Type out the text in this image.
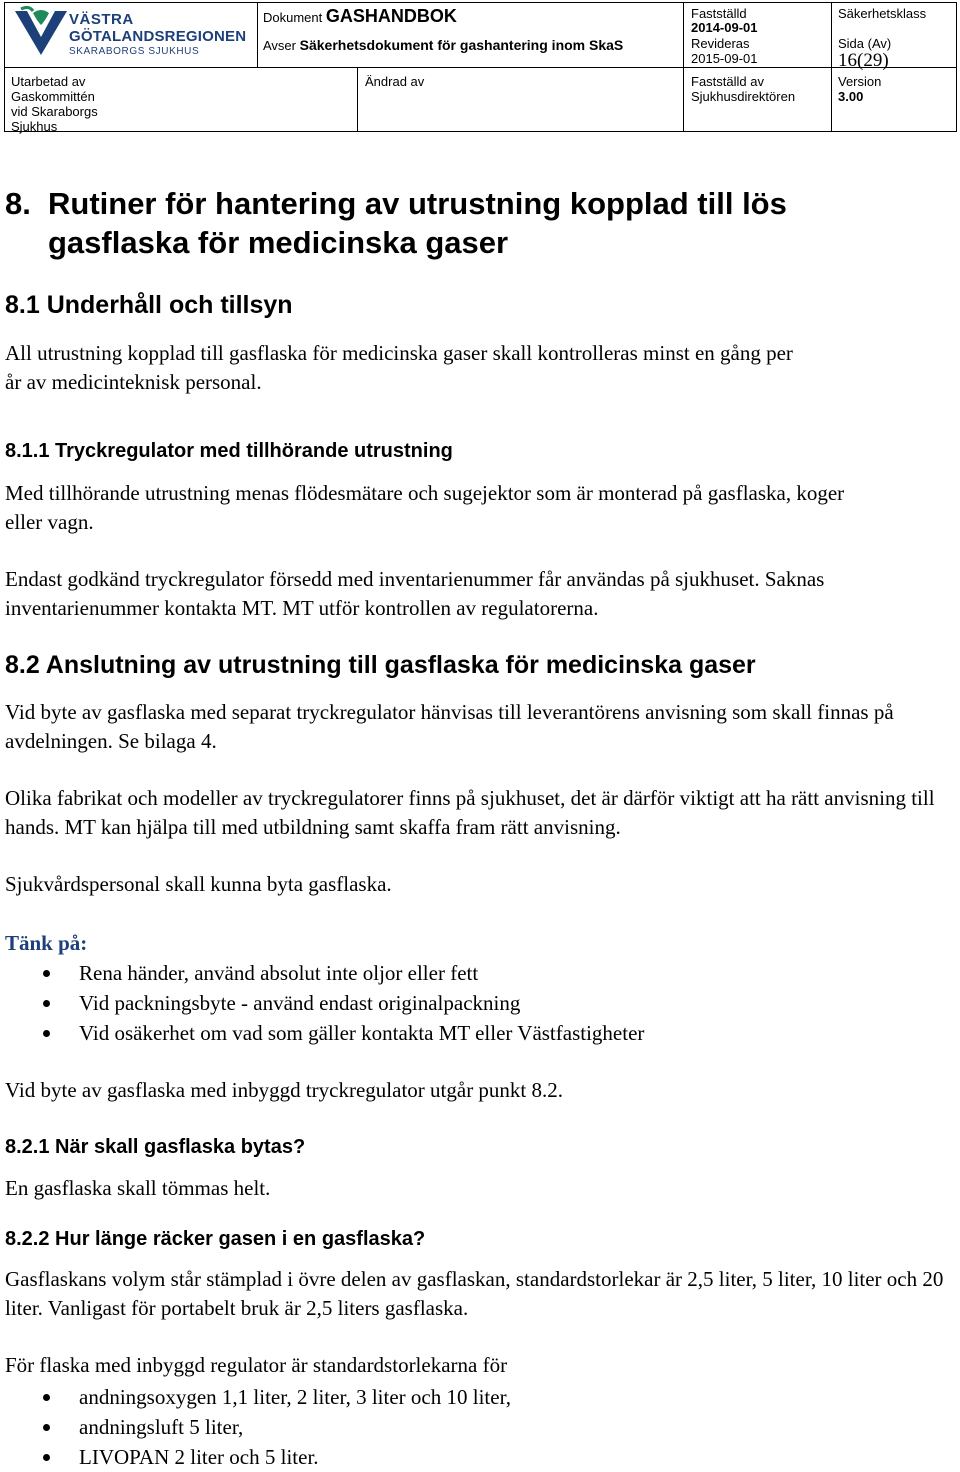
VÄSTRA
GÖTALANDSREGIONEN
SKARABORGS SJUKHUS
Dokument GASHANDBOK
Avser Säkerhetsdokument för gashantering inom SkaS
Fastställd
2014-09-01
Revideras
2015-09-01
Säkerhetsklass
Sida (Av)
16(29)
Utarbetad av
Gaskommittén vid Skaraborgs Sjukhus
Ändrad av	Fastställd av
Sjukhusdirektören
Version
3.00
8. Rutiner för hantering av utrustning kopplad till lös gasflaska för medicinska gaser
8.1 Underhåll och tillsyn
All utrustning kopplad till gasflaska för medicinska gaser skall kontrolleras minst en gång per år av medicinteknisk personal.
8.1.1 Tryckregulator med tillhörande utrustning
Med tillhörande utrustning menas flödesmätare och sugejektor som är monterad på gasflaska, koger eller vagn.
Endast godkänd tryckregulator försedd med inventarienummer får användas på sjukhuset. Saknas inventarienummer kontakta MT. MT utför kontrollen av regulatorerna.
8.2 Anslutning av utrustning till gasflaska för medicinska gaser
Vid byte av gasflaska med separat tryckregulator hänvisas till leverantörens anvisning som skall finnas på avdelningen. Se bilaga 4.
Olika fabrikat och modeller av tryckregulatorer finns på sjukhuset, det är därför viktigt att ha rätt anvisning till hands. MT kan hjälpa till med utbildning samt skaffa fram rätt anvisning.
Sjukvårdspersonal skall kunna byta gasflaska.
Tänk på:
Rena händer, använd absolut inte oljor eller fett
Vid packningsbyte - använd endast originalpackning
Vid osäkerhet om vad som gäller kontakta MT eller Västfastigheter
Vid byte av gasflaska med inbyggd tryckregulator utgår punkt 8.2.
8.2.1 När skall gasflaska bytas?
En gasflaska skall tömmas helt.
8.2.2 Hur länge räcker gasen i en gasflaska?
Gasflaskans volym står stämplad i övre delen av gasflaskan, standardstorlekar är 2,5 liter, 5 liter, 10 liter och 20 liter. Vanligast för portabelt bruk är 2,5 liters gasflaska.
För flaska med inbyggd regulator är standardstorlekarna för
andningsoxygen 1,1 liter, 2 liter, 3 liter och 10 liter,
andningsluft 5 liter,
LIVOPAN 2 liter och 5 liter.
